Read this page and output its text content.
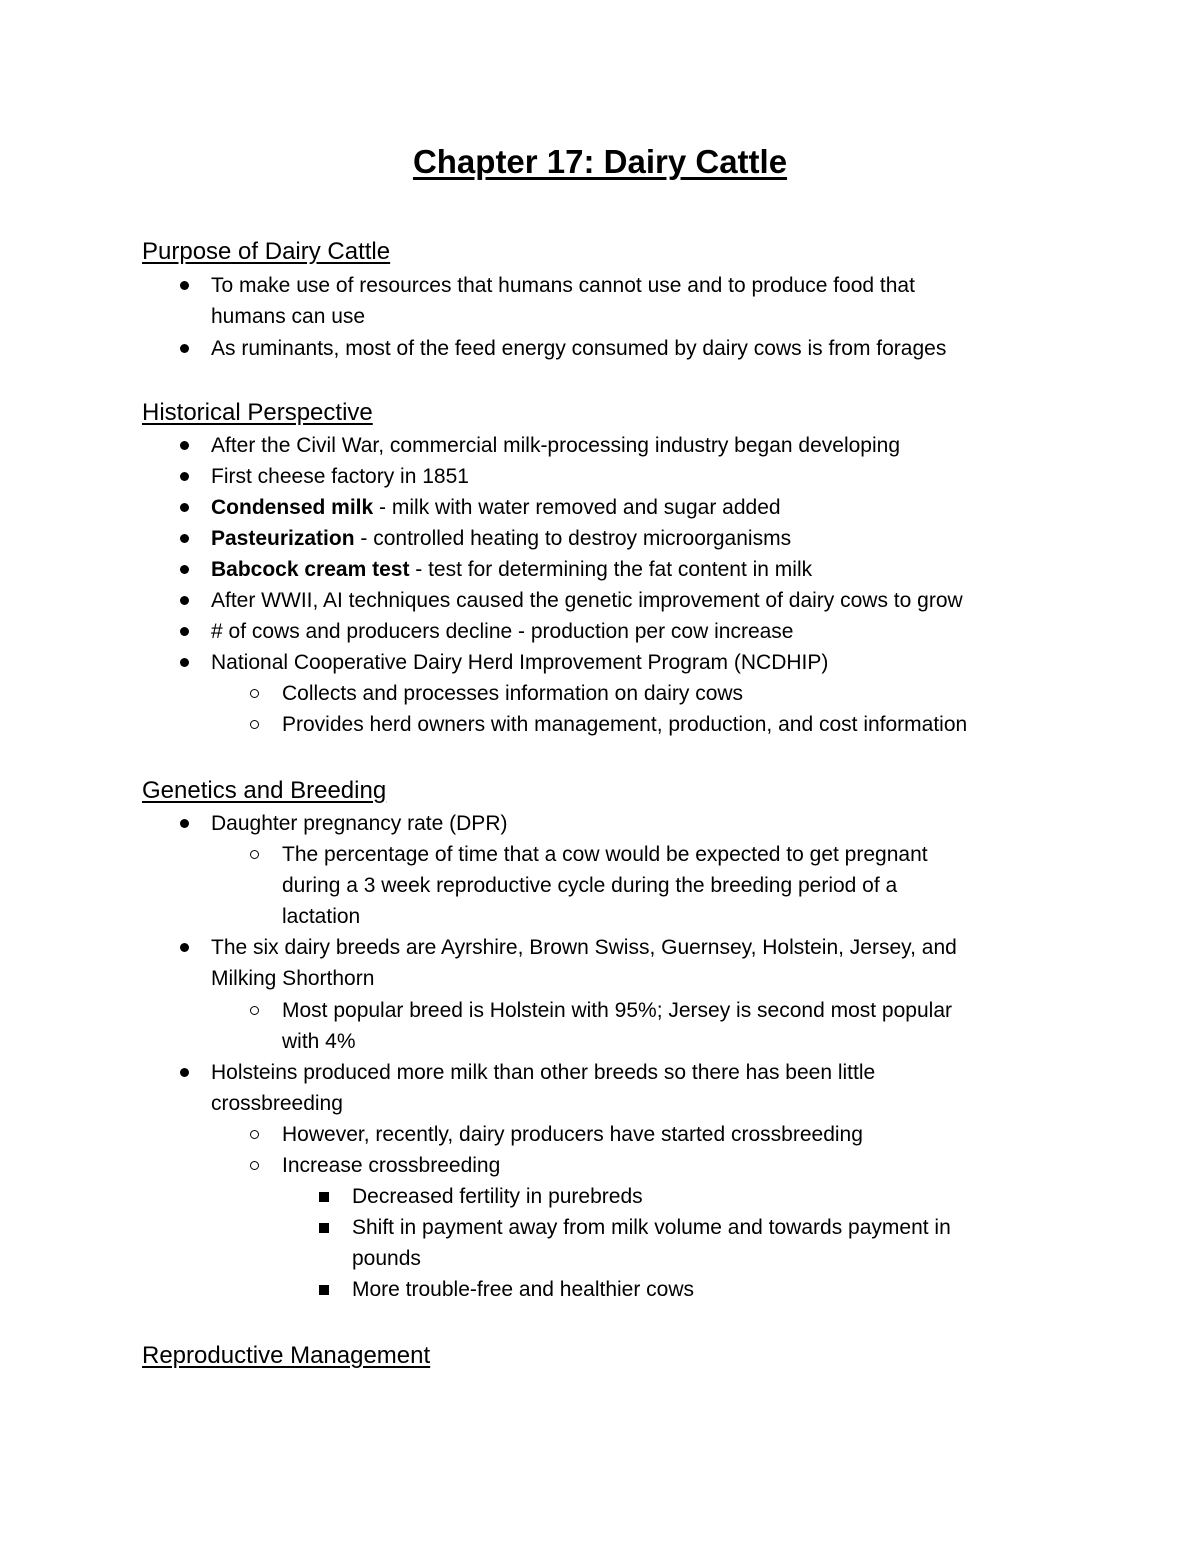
Chapter 17: Dairy Cattle
Purpose of Dairy Cattle
To make use of resources that humans cannot use and to produce food that
humans can use
As ruminants, most of the feed energy consumed by dairy cows is from forages
Historical Perspective
After the Civil War, commercial milk-processing industry began developing
First cheese factory in 1851
Condensed milk - milk with water removed and sugar added
Pasteurization - controlled heating to destroy microorganisms
Babcock cream test - test for determining the fat content in milk
After WWII, AI techniques caused the genetic improvement of dairy cows to grow
# of cows and producers decline - production per cow increase
National Cooperative Dairy Herd Improvement Program (NCDHIP)
Collects and processes information on dairy cows
Provides herd owners with management, production, and cost information
Genetics and Breeding
Daughter pregnancy rate (DPR)
The percentage of time that a cow would be expected to get pregnant
during a 3 week reproductive cycle during the breeding period of a
lactation
The six dairy breeds are Ayrshire, Brown Swiss, Guernsey, Holstein, Jersey, and
Milking Shorthorn
Most popular breed is Holstein with 95%; Jersey is second most popular
with 4%
Holsteins produced more milk than other breeds so there has been little
crossbreeding
However, recently, dairy producers have started crossbreeding
Increase crossbreeding
Decreased fertility in purebreds
Shift in payment away from milk volume and towards payment in
pounds
More trouble-free and healthier cows
Reproductive Management
